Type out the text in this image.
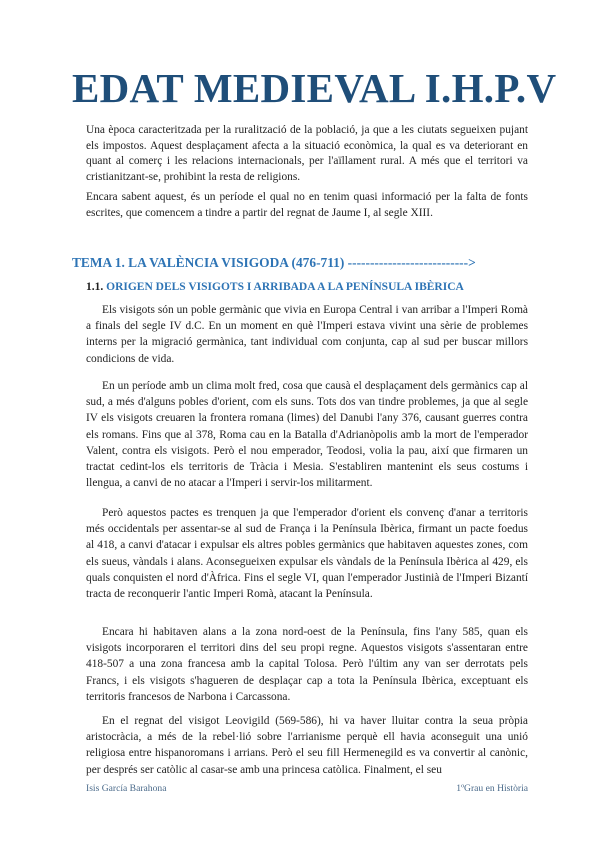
EDAT MEDIEVAL I.H.P.V

Una època caracteritzada per la ruralització de la població, ja que a les ciutats segueixen pujant els impostos. Aquest desplaçament afecta a la situació econòmica, la qual es va deteriorant en quant al comerç i les relacions internacionals, per l'aïllament rural. A més que el territori va cristianitzant-se, prohibint la resta de religions.

Encara sabent aquest, és un període el qual no en tenim quasi informació per la falta de fonts escrites, que comencem a tindre a partir del regnat de Jaume I, al segle XIII.

TEMA 1. LA VALÈNCIA VISIGODA (476-711) --------------------------->
1.1. ORIGEN DELS VISIGOTS I ARRIBADA A LA PENÍNSULA IBÈRICA

Els visigots són un poble germànic que vivia en Europa Central i van arribar a l'Imperi Romà a finals del segle IV d.C. En un moment en què l'Imperi estava vivint una sèrie de problemes interns per la migració germànica, tant individual com conjunta, cap al sud per buscar millors condicions de vida.

En un període amb un clima molt fred, cosa que causà el desplaçament dels germànics cap al sud, a més d'alguns pobles d'orient, com els suns. Tots dos van tindre problemes, ja que al segle IV els visigots creuaren la frontera romana (limes) del Danubi l'any 376, causant guerres contra els romans. Fins que al 378, Roma cau en la Batalla d'Adrianòpolis amb la mort de l'emperador Valent, contra els visigots. Però el nou emperador, Teodosi, volia la pau, així que firmaren un tractat cedint-los els territoris de Tràcia i Mesia. S'establiren mantenint els seus costums i llengua, a canvi de no atacar a l'Imperi i servir-los militarment.

Però aquestos pactes es trenquen ja que l'emperador d'orient els convenç d'anar a territoris més occidentals per assentar-se al sud de França i la Península Ibèrica, firmant un pacte foedus al 418, a canvi d'atacar i expulsar els altres pobles germànics que habitaven aquestes zones, com els sueus, vàndals i alans. Aconsegueixen expulsar els vàndals de la Península Ibèrica al 429, els quals conquisten el nord d'Àfrica. Fins el segle VI, quan l'emperador Justinià de l'Imperi Bizantí tracta de reconquerir l'antic Imperi Romà, atacant la Península.

Encara hi habitaven alans a la zona nord-oest de la Península, fins l'any 585, quan els visigots incorporaren el territori dins del seu propi regne. Aquestos visigots s'assentaran entre 418-507 a una zona francesa amb la capital Tolosa. Però l'últim any van ser derrotats pels Francs, i els visigots s'hagueren de desplaçar cap a tota la Península Ibèrica, exceptuant els territoris francesos de Narbona i Carcassona.

En el regnat del visigot Leovigild (569-586), hi va haver lluitar contra la seua pròpia aristocràcia, a més de la rebel·lió sobre l'arrianisme perquè ell havia aconseguit una unió religiosa entre hispanoromans i arrians. Però el seu fill Hermenegild es va convertir al canònic, per després ser catòlic al casar-se amb una princesa catòlica. Finalment, el seu

Isis García Barahona	1ºGrau en Història
